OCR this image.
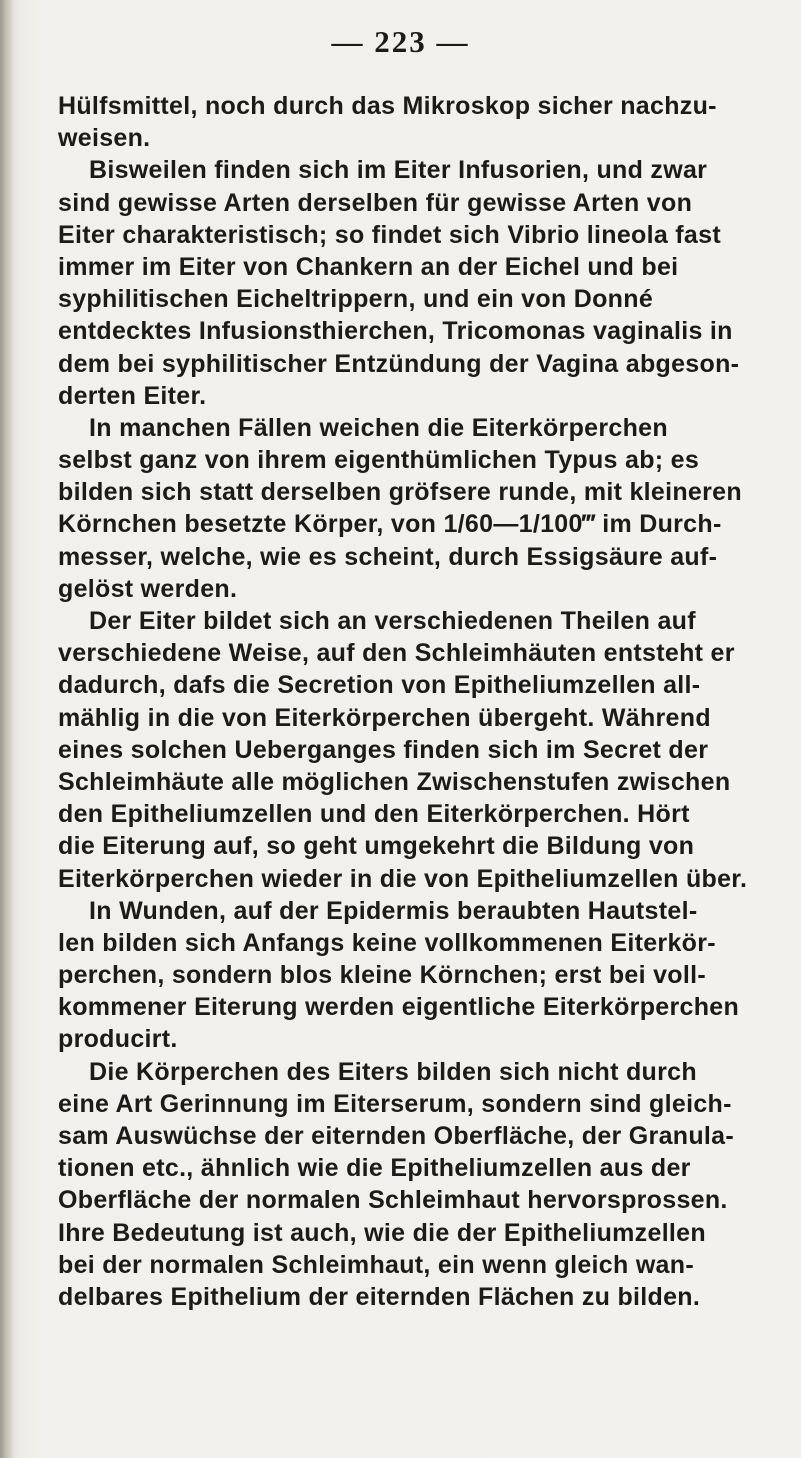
— 223 —
Hülfsmittel, noch durch das Mikroskop sicher nachzu-
weisen.
Bisweilen finden sich im Eiter Infusorien, und zwar
sind gewisse Arten derselben für gewisse Arten von
Eiter charakteristisch; so findet sich Vibrio lineola fast
immer im Eiter von Chankern an der Eichel und bei
syphilitischen Eicheltrippern, und ein von Donné
entdecktes Infusionsthierchen, Tricomonas vaginalis in
dem bei syphilitischer Entzündung der Vagina abgeson-
derten Eiter.
In manchen Fällen weichen die Eiterkörperchen
selbst ganz von ihrem eigenthümlichen Typus ab; es
bilden sich statt derselben gröfsere runde, mit kleineren
Körnchen besetzte Körper, von 1/60—1/100‴ im Durch-
messer, welche, wie es scheint, durch Essigsäure auf-
gelöst werden.
Der Eiter bildet sich an verschiedenen Theilen auf
verschiedene Weise, auf den Schleimhäuten entsteht er
dadurch, dafs die Secretion von Epitheliumzellen all-
mählig in die von Eiterkörperchen übergeht. Während
eines solchen Ueberganges finden sich im Secret der
Schleimhäute alle möglichen Zwischenstufen zwischen
den Epitheliumzellen und den Eiterkörperchen. Hört
die Eiterung auf, so geht umgekehrt die Bildung von
Eiterkörperchen wieder in die von Epitheliumzellen über.
In Wunden, auf der Epidermis beraubten Hautstel-
len bilden sich Anfangs keine vollkommenen Eiterkör-
perchen, sondern blos kleine Körnchen; erst bei voll-
kommener Eiterung werden eigentliche Eiterkörperchen
producirt.
Die Körperchen des Eiters bilden sich nicht durch
eine Art Gerinnung im Eiterserum, sondern sind gleich-
sam Auswüchse der eiternden Oberfläche, der Granula-
tionen etc., ähnlich wie die Epitheliumzellen aus der
Oberfläche der normalen Schleimhaut hervorsprossen.
Ihre Bedeutung ist auch, wie die der Epitheliumzellen
bei der normalen Schleimhaut, ein wenn gleich wan-
delbares Epithelium der eiternden Flächen zu bilden.
